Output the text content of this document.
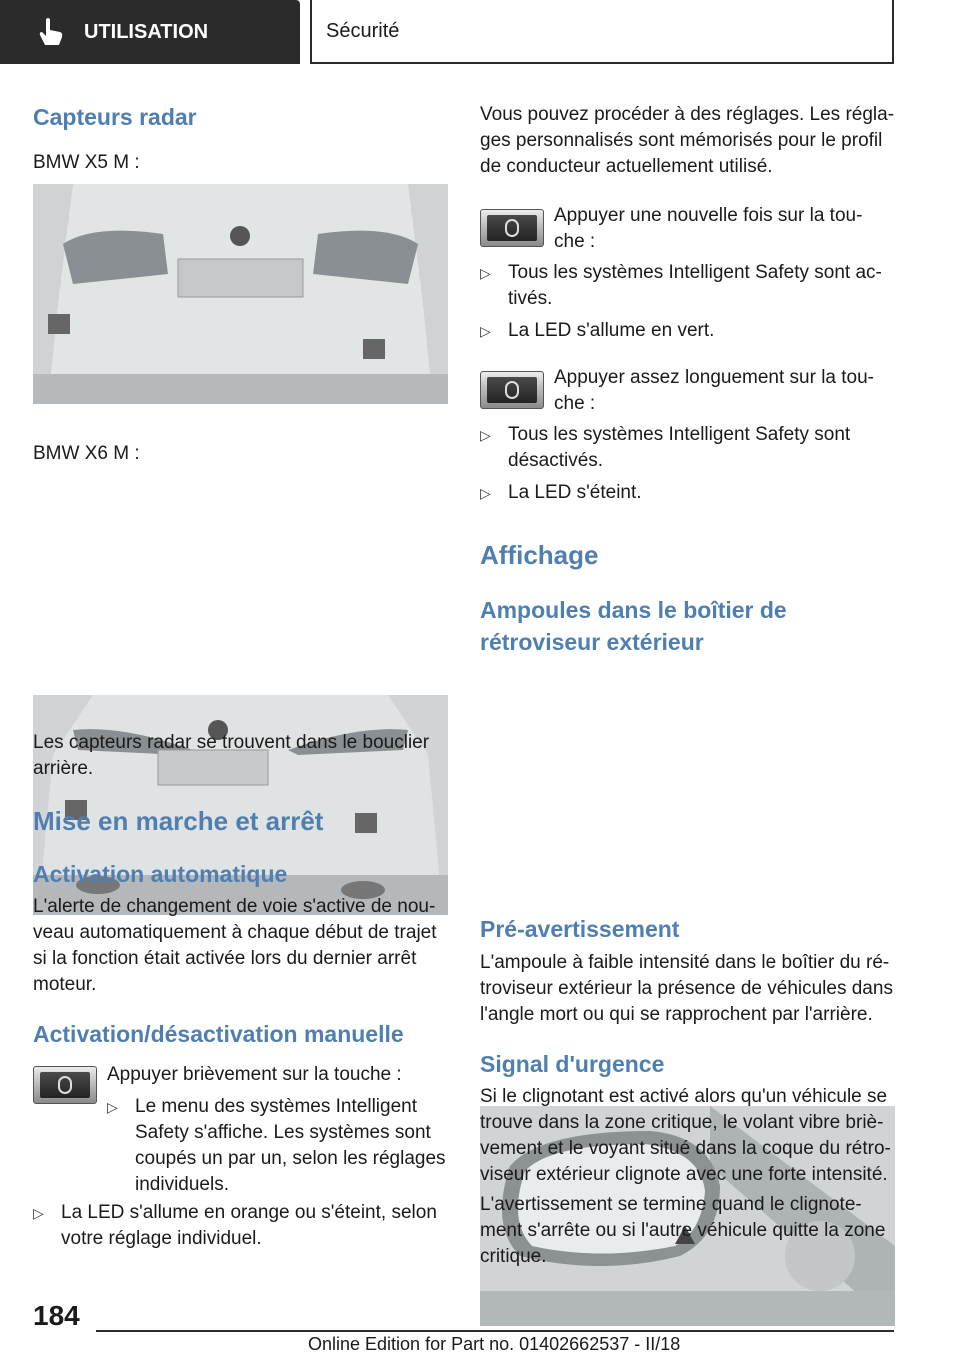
UTILISATION	Sécurité

Capteurs radar

BMW X5 M :

BMW X6 M :

Les capteurs radar se trouvent dans le bouclier

arrière.

Mise en marche et arrêt

Activation automatique

L'alerte de changement de voie s'active de nou-

veau automatiquement à chaque début de trajet

si la fonction était activée lors du dernier arrêt

moteur.

Activation/désactivation manuelle

Appuyer brièvement sur la touche :

▷ Le menu des systèmes Intelligent

Safety s'affiche. Les systèmes sont

coupés un par un, selon les réglages

individuels.

▷ La LED s'allume en orange ou s'éteint, selon

votre réglage individuel.

Vous pouvez procéder à des réglages. Les régla-

ges personnalisés sont mémorisés pour le profil

de conducteur actuellement utilisé.

Appuyer une nouvelle fois sur la tou-

che :

▷ Tous les systèmes Intelligent Safety sont ac-

tivés.

▷ La LED s'allume en vert.

Appuyer assez longuement sur la tou-

che :

▷ Tous les systèmes Intelligent Safety sont

désactivés.

▷ La LED s'éteint.

Affichage

Ampoules dans le boîtier de

rétroviseur extérieur

Pré-avertissement

L'ampoule à faible intensité dans le boîtier du ré-

troviseur extérieur la présence de véhicules dans

l'angle mort ou qui se rapprochent par l'arrière.

Signal d'urgence

Si le clignotant est activé alors qu'un véhicule se

trouve dans la zone critique, le volant vibre briè-

vement et le voyant situé dans la coque du rétro-

viseur extérieur clignote avec une forte intensité.

L'avertissement se termine quand le clignote-

ment s'arrête ou si l'autre véhicule quitte la zone

critique.

184
Online Edition for Part no. 01402662537 - II/18
